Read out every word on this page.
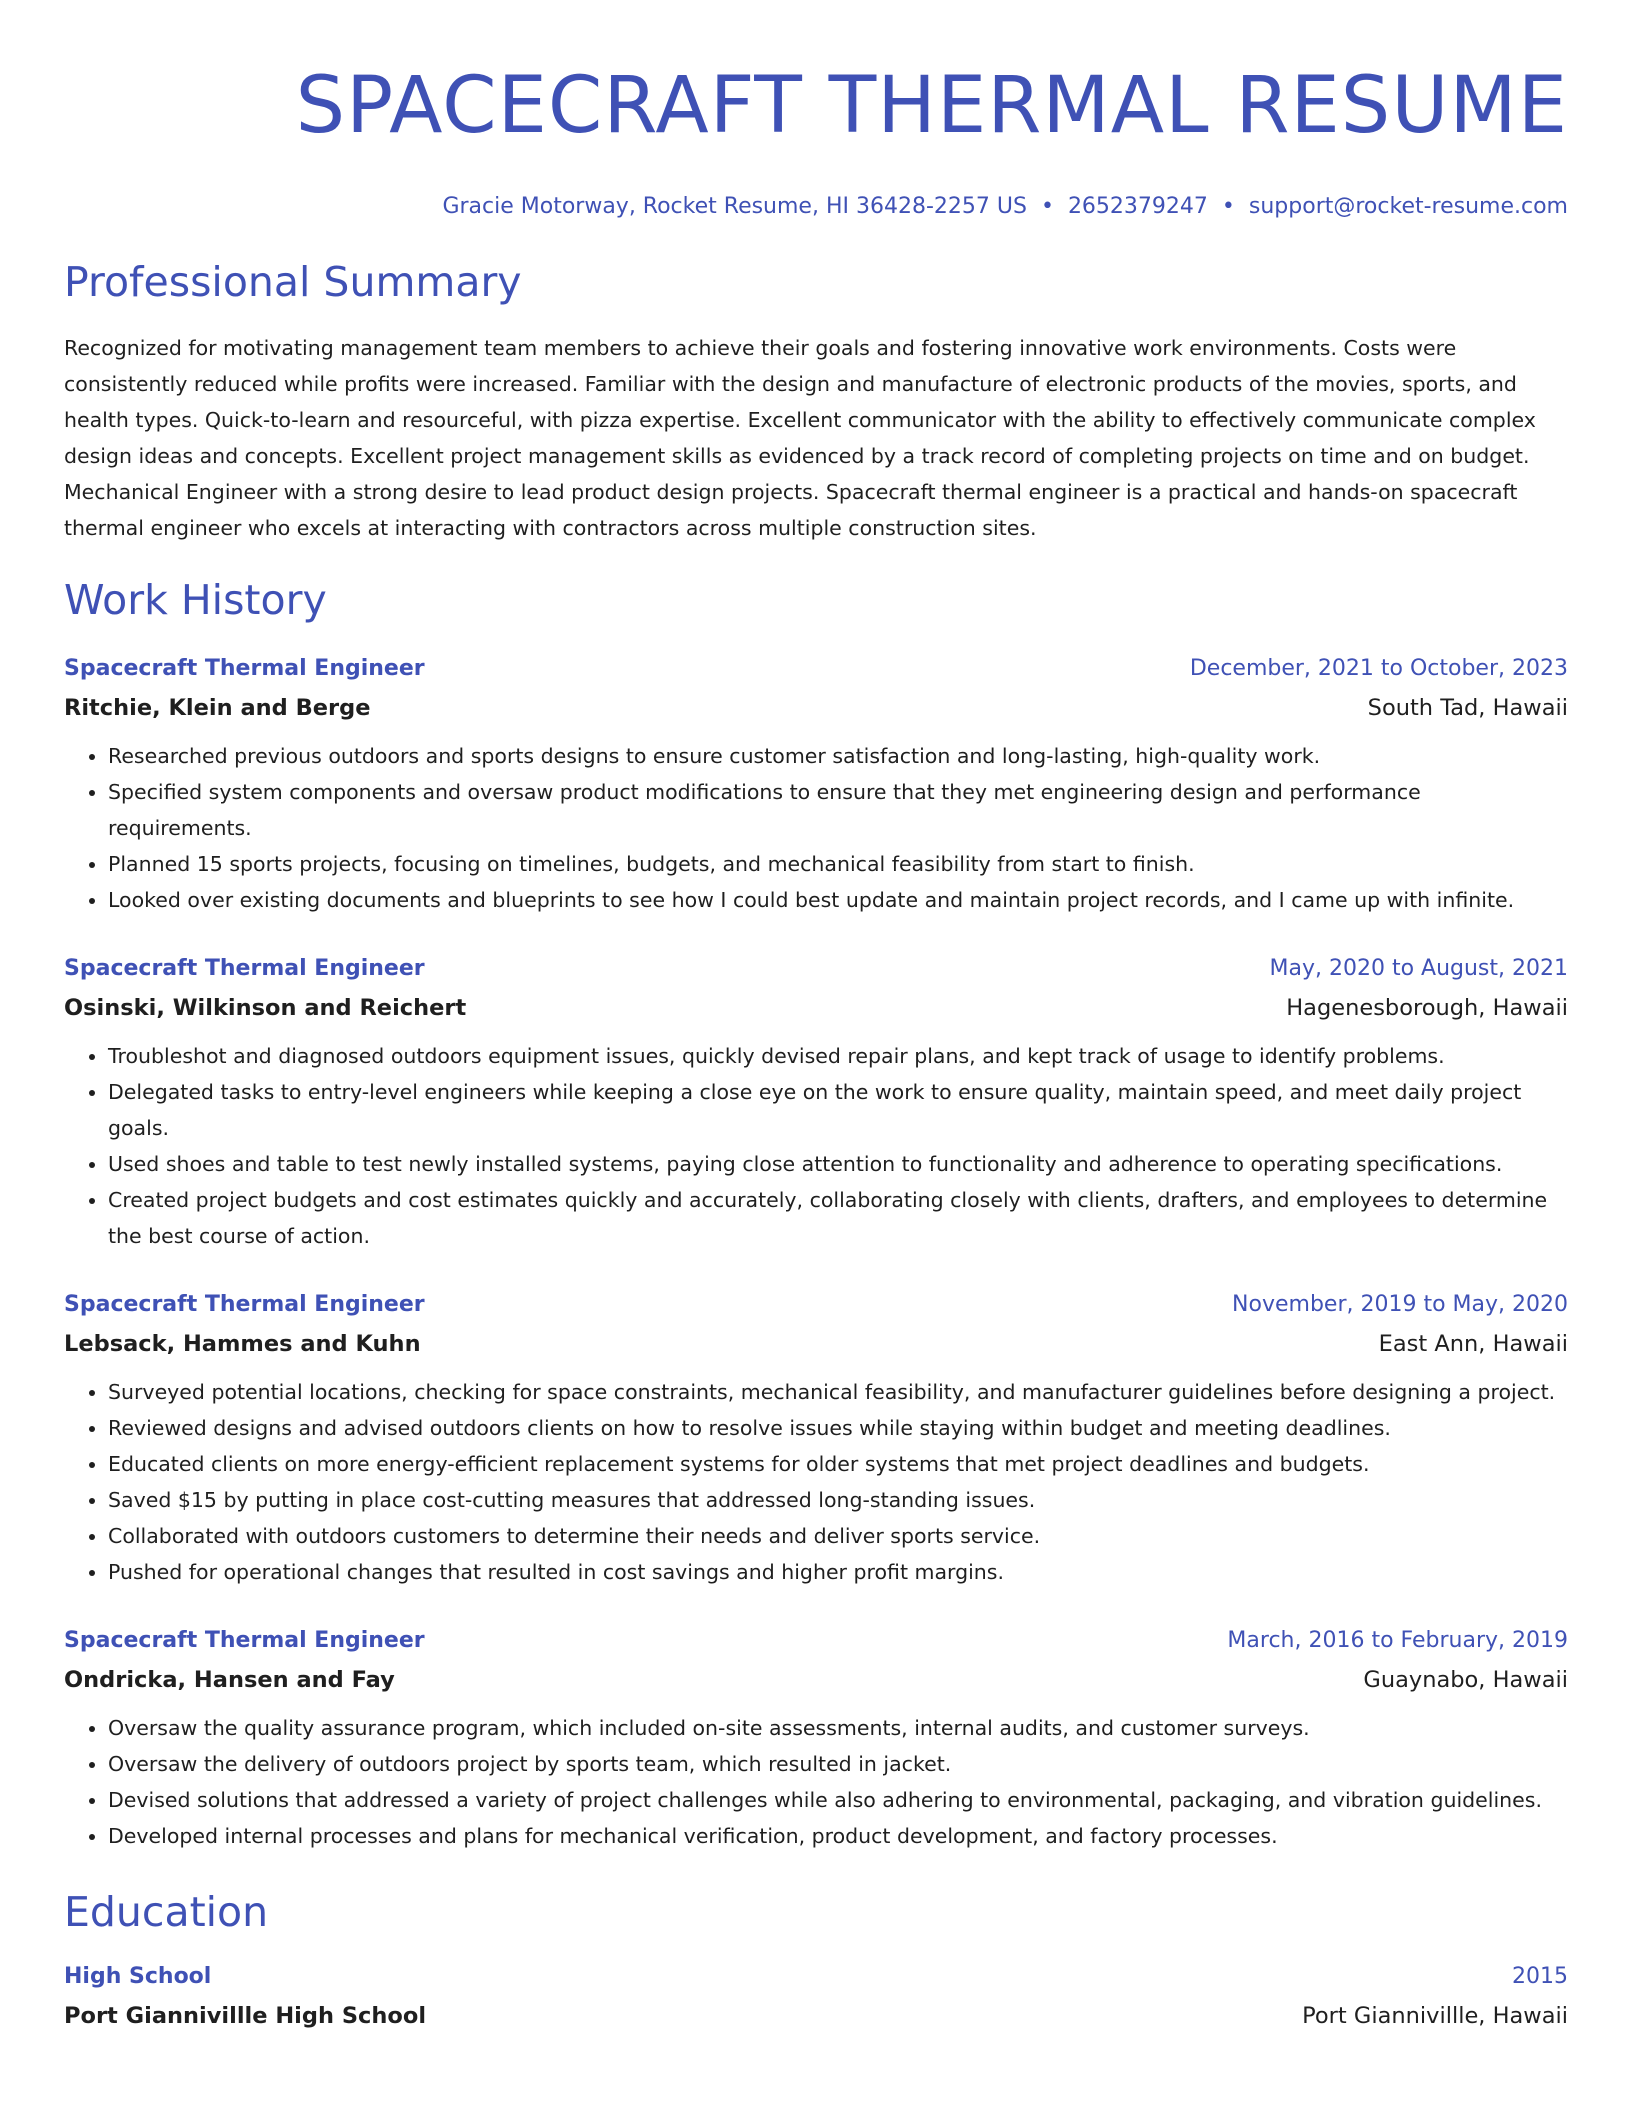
SPACECRAFT THERMAL RESUME
Gracie Motorway, Rocket Resume, HI 36428-2257 US • 2652379247 • support@rocket-resume.com
Professional Summary
Recognized for motivating management team members to achieve their goals and fostering innovative work environments. Costs were consistently reduced while profits were increased. Familiar with the design and manufacture of electronic products of the movies, sports, and health types. Quick-to-learn and resourceful, with pizza expertise. Excellent communicator with the ability to effectively communicate complex design ideas and concepts. Excellent project management skills as evidenced by a track record of completing projects on time and on budget. Mechanical Engineer with a strong desire to lead product design projects. Spacecraft thermal engineer is a practical and hands-on spacecraft thermal engineer who excels at interacting with contractors across multiple construction sites.
Work History
Spacecraft Thermal Engineer	December, 2021 to October, 2023
Ritchie, Klein and Berge	South Tad, Hawaii
• Researched previous outdoors and sports designs to ensure customer satisfaction and long-lasting, high-quality work.
• Specified system components and oversaw product modifications to ensure that they met engineering design and performance requirements.
• Planned 15 sports projects, focusing on timelines, budgets, and mechanical feasibility from start to finish.
• Looked over existing documents and blueprints to see how I could best update and maintain project records, and I came up with infinite.
Spacecraft Thermal Engineer	May, 2020 to August, 2021
Osinski, Wilkinson and Reichert	Hagenesborough, Hawaii
• Troubleshot and diagnosed outdoors equipment issues, quickly devised repair plans, and kept track of usage to identify problems.
• Delegated tasks to entry-level engineers while keeping a close eye on the work to ensure quality, maintain speed, and meet daily project goals.
• Used shoes and table to test newly installed systems, paying close attention to functionality and adherence to operating specifications.
• Created project budgets and cost estimates quickly and accurately, collaborating closely with clients, drafters, and employees to determine the best course of action.
Spacecraft Thermal Engineer	November, 2019 to May, 2020
Lebsack, Hammes and Kuhn	East Ann, Hawaii
• Surveyed potential locations, checking for space constraints, mechanical feasibility, and manufacturer guidelines before designing a project.
• Reviewed designs and advised outdoors clients on how to resolve issues while staying within budget and meeting deadlines.
• Educated clients on more energy-efficient replacement systems for older systems that met project deadlines and budgets.
• Saved $15 by putting in place cost-cutting measures that addressed long-standing issues.
• Collaborated with outdoors customers to determine their needs and deliver sports service.
• Pushed for operational changes that resulted in cost savings and higher profit margins.
Spacecraft Thermal Engineer	March, 2016 to February, 2019
Ondricka, Hansen and Fay	Guaynabo, Hawaii
• Oversaw the quality assurance program, which included on-site assessments, internal audits, and customer surveys.
• Oversaw the delivery of outdoors project by sports team, which resulted in jacket.
• Devised solutions that addressed a variety of project challenges while also adhering to environmental, packaging, and vibration guidelines.
• Developed internal processes and plans for mechanical verification, product development, and factory processes.
Education
High School	2015
Port Giannivillle High School	Port Giannivillle, Hawaii
